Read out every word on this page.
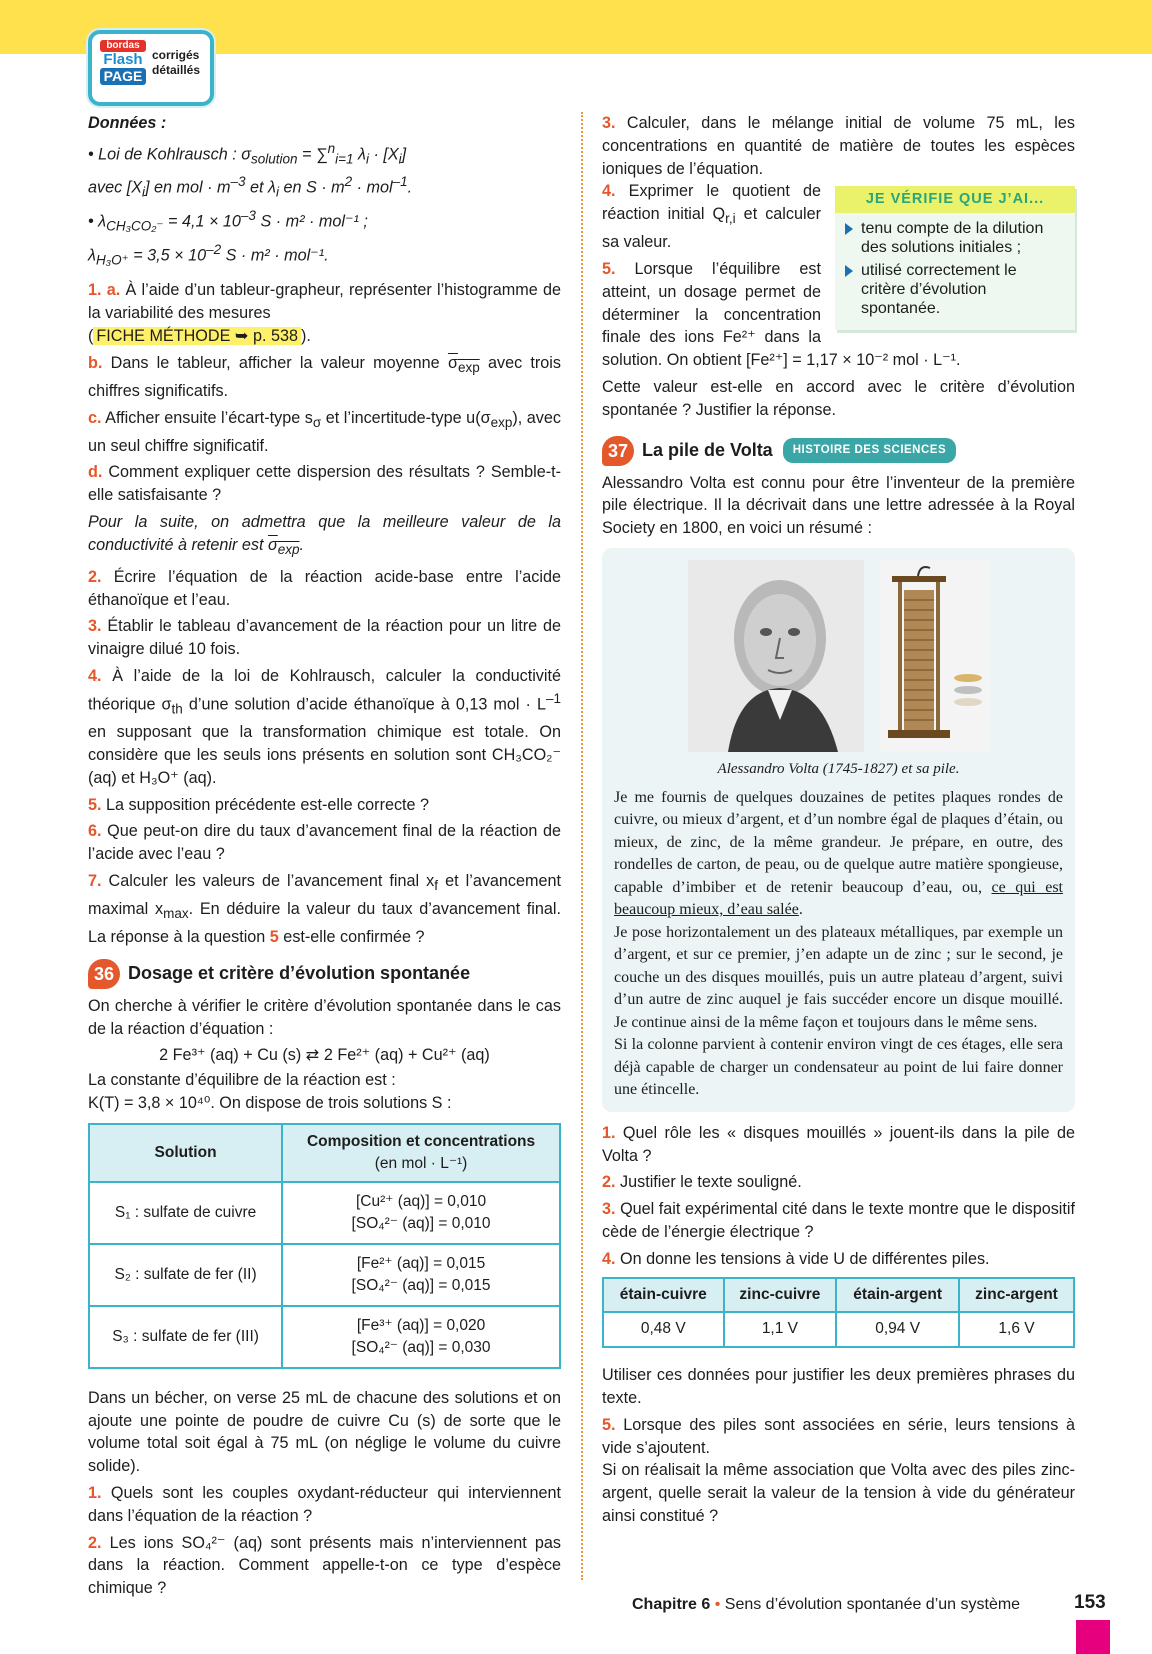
bordas
Flash
PAGE
corrigés détaillés

Données :

• Loi de Kohlrausch : $\sigma_{solution} = \sum^n_{i=1}$ $\lambda_i \cdot [X_i]$
avec $[X_i]$ en mol · $m^{-3}$ et $\lambda_i$ en $S \cdot m^2 \cdot mol^{-1}$.
• $\lambda_{CH_3CO_2^-} = 4,1 \times 10^{-3}$ S · m² · mol⁻¹ ;
$\lambda_{H_3O^+} = 3,5 \times 10^{-2}$ S · m² · mol⁻¹.

1. a. À l’aide d’un tableur-grapheur, représenter l’histogramme de la variabilité des mesures
( FICHE MÉTHODE ➥ p. 538 ).

b. Dans le tableur, afficher la valeur moyenne $\sigma_{exp}$ avec trois chiffres significatifs.

c. Afficher ensuite l’écart-type $s_\sigma$ et l’incertitude-type $u(\sigma_{exp})$, avec un seul chiffre significatif.

d. Comment expliquer cette dispersion des résultats ? Semble-t-elle satisfaisante ?

Pour la suite, on admettra que la meilleure valeur de la conductivité à retenir est $\sigma_{exp}$.

2. Écrire l’équation de la réaction acide-base entre l’acide éthanoïque et l’eau.

3. Établir le tableau d’avancement de la réaction pour un litre de vinaigre dilué 10 fois.

4. À l’aide de la loi de Kohlrausch, calculer la conductivité théorique $\sigma_{th}$ d’une solution d’acide éthanoïque à 0,13 mol · $L^{-1}$ en supposant que la transformation chimique est totale. On considère que les seuls ions présents en solution sont CH₃CO₂⁻ (aq) et H₃O⁺ (aq).

5. La supposition précédente est-elle correcte ?

6. Que peut-on dire du taux d’avancement final de la réaction de l’acide avec l’eau ?

7. Calculer les valeurs de l’avancement final $x_f$ et l’avancement maximal $x_{max}$. En déduire la valeur du taux d’avancement final. La réponse à la question 5 est-elle confirmée ?

36 Dosage et critère d’évolution spontanée

On cherche à vérifier le critère d’évolution spontanée dans le cas de la réaction d’équation :

2 Fe³⁺ (aq) + Cu (s) ⇄ 2 Fe²⁺ (aq) + Cu²⁺ (aq)

La constante d’équilibre de la réaction est :

K(T) = 3,8 × 10⁴⁰. On dispose de trois solutions S :

Solution	Composition et concentrations
(en mol · L⁻¹)
S₁ : sulfate de cuivre	[Cu²⁺ (aq)] = 0,010
[SO₄²⁻ (aq)] = 0,010
S₂ : sulfate de fer (II)	[Fe²⁺ (aq)] = 0,015
[SO₄²⁻ (aq)] = 0,015
S₃ : sulfate de fer (III)	[Fe³⁺ (aq)] = 0,020
[SO₄²⁻ (aq)] = 0,030

Dans un bécher, on verse 25 mL de chacune des solutions et on ajoute une pointe de poudre de cuivre Cu (s) de sorte que le volume total soit égal à 75 mL (on néglige le volume du cuivre solide).

1. Quels sont les couples oxydant-réducteur qui interviennent dans l’équation de la réaction ?

2. Les ions SO₄²⁻ (aq) sont présents mais n’interviennent pas dans la réaction. Comment appelle-t-on ce type d’espèce chimique ?

3. Calculer, dans le mélange initial de volume 75 mL, les concentrations en quantité de matière de toutes les espèces ioniques de l’équation.

JE VÉRIFIE QUE J’AI...
tenu compte de la dilution des solutions initiales ;
utilisé correctement le critère d’évolution spontanée.

4. Exprimer le quotient de réaction initial $Q_{r,i}$ et calculer sa valeur.

5. Lorsque l’équilibre est atteint, un dosage permet de déterminer la concentration finale des ions Fe²⁺ dans la solution. On obtient [Fe²⁺] = 1,17 × 10⁻² mol · L⁻¹.

Cette valeur est-elle en accord avec le critère d’évolution spontanée ? Justifier la réponse.

37 La pile de Volta	HISTOIRE DES SCIENCES

Alessandro Volta est connu pour être l’inventeur de la première pile électrique. Il la décrivait dans une lettre adressée à la Royal Society en 1800, en voici un résumé :

Alessandro Volta (1745-1827) et sa pile.

Je me fournis de quelques douzaines de petites plaques rondes de cuivre, ou mieux d’argent, et d’un nombre égal de plaques d’étain, ou mieux, de zinc, de la même grandeur. Je prépare, en outre, des rondelles de carton, de peau, ou de quelque autre matière spongieuse, capable d’imbiber et de retenir beaucoup d’eau, ou, ce qui est beaucoup mieux, d’eau salée.

Je pose horizontalement un des plateaux métalliques, par exemple un d’argent, et sur ce premier, j’en adapte un de zinc ; sur le second, je couche un des disques mouillés, puis un autre plateau d’argent, suivi d’un autre de zinc auquel je fais succéder encore un disque mouillé. Je continue ainsi de la même façon et toujours dans le même sens.

Si la colonne parvient à contenir environ vingt de ces étages, elle sera déjà capable de charger un condensateur au point de lui faire donner une étincelle.

1. Quel rôle les « disques mouillés » jouent-ils dans la pile de Volta ?

2. Justifier le texte souligné.

3. Quel fait expérimental cité dans le texte montre que le dispositif cède de l’énergie électrique ?

4. On donne les tensions à vide U de différentes piles.

étain-cuivre	zinc-cuivre	étain-argent	zinc-argent
0,48 V	1,1 V	0,94 V	1,6 V

Utiliser ces données pour justifier les deux premières phrases du texte.

5. Lorsque des piles sont associées en série, leurs tensions à vide s’ajoutent.

Si on réalisait la même association que Volta avec des piles zinc-argent, quelle serait la valeur de la tension à vide du générateur ainsi constitué ?

Chapitre 6 • Sens d’évolution spontanée d’un système	153
